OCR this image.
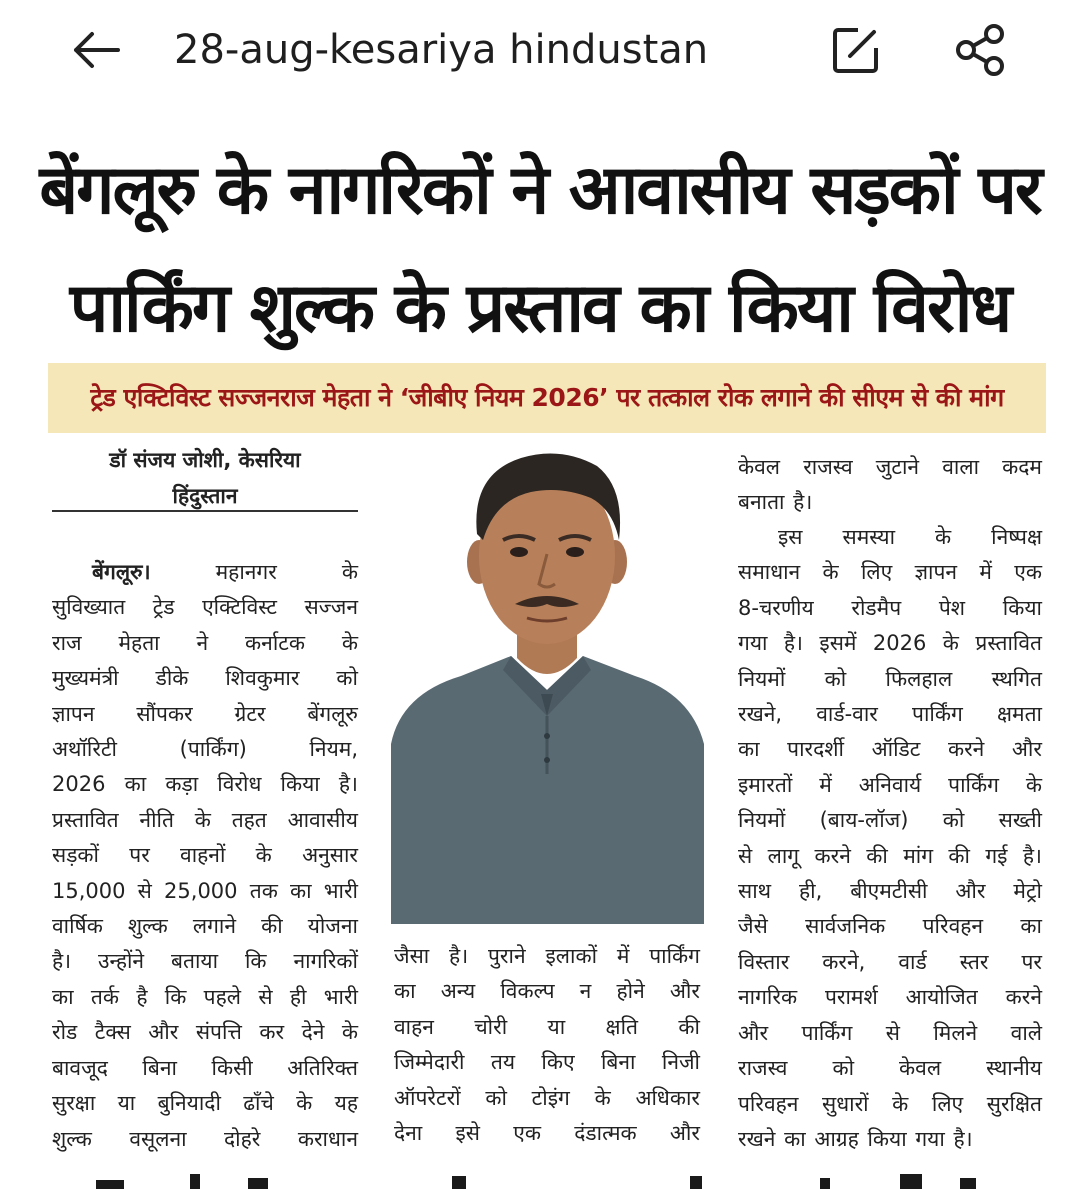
28-aug-kesariya hindustan
बेंगलूरु के नागरिकों ने आवासीय सड़कों पर
पार्किंग शुल्क के प्रस्ताव का किया विरोध
ट्रेड एक्टिविस्ट सज्जनराज मेहता ने ‘जीबीए नियम 2026’ पर तत्काल रोक लगाने की सीएम से की मांग
डॉ संजय जोशी, केसरिया
हिंदुस्तान
बेंगलूरु।	महानगर के
सुविख्यात ट्रेड एक्टिविस्ट सज्जन
राज मेहता ने कर्नाटक के
मुख्यमंत्री डीके शिवकुमार को
ज्ञापन सौंपकर ग्रेटर बेंगलूरु
अथॉरिटी (पार्किंग) नियम,
2026 का कड़ा विरोध किया है।
प्रस्तावित नीति के तहत आवासीय
सड़कों पर वाहनों के अनुसार
15,000 से 25,000 तक का भारी
वार्षिक शुल्क लगाने की योजना
है। उन्होंने बताया कि नागरिकों
का तर्क है कि पहले से ही भारी
रोड टैक्स और संपत्ति कर देने के
बावजूद बिना किसी अतिरिक्त
सुरक्षा या बुनियादी ढाँचे के यह
शुल्क वसूलना दोहरे कराधान
जैसा है। पुराने इलाकों में पार्किंग
का अन्य विकल्प न होने और
वाहन चोरी या क्षति की
जिम्मेदारी तय किए बिना निजी
ऑपरेटरों को टोइंग के अधिकार
देना इसे एक दंडात्मक और
केवल राजस्व जुटाने वाला कदम
बनाता है।
इस समस्या के निष्पक्ष
समाधान के लिए ज्ञापन में एक
8-चरणीय रोडमैप पेश किया
गया है। इसमें 2026 के प्रस्तावित
नियमों को फिलहाल स्थगित
रखने, वार्ड-वार पार्किंग क्षमता
का पारदर्शी ऑडिट करने और
इमारतों में अनिवार्य पार्किंग के
नियमों (बाय-लॉज) को सख्ती
से लागू करने की मांग की गई है।
साथ ही, बीएमटीसी और मेट्रो
जैसे सार्वजनिक परिवहन का
विस्तार करने, वार्ड स्तर पर
नागरिक परामर्श आयोजित करने
और पार्किंग से मिलने वाले
राजस्व को केवल स्थानीय
परिवहन सुधारों के लिए सुरक्षित
रखने का आग्रह किया गया है।
